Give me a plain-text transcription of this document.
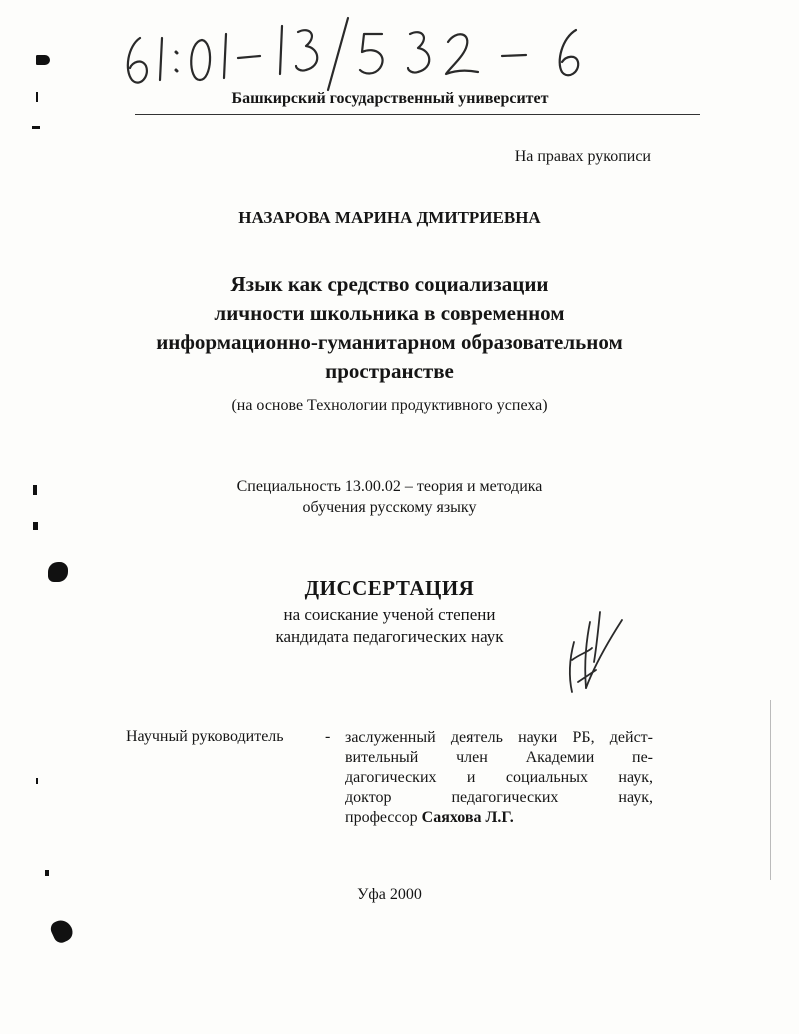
Башкирский государственный университет
На правах рукописи
НАЗАРОВА МАРИНА ДМИТРИЕВНА
Язык как средство социализации
личности школьника в современном
информационно-гуманитарном образовательном
пространстве
(на основе Технологии продуктивного успеха)
Специальность 13.00.02 – теория и методика
обучения русскому языку
ДИССЕРТАЦИЯ
на соискание ученой степени
кандидата педагогических наук
Научный руководитель	- заслуженный деятель науки РБ, дейст-
вительный член Академии пе-
дагогических и социальных наук,
доктор педагогических наук,
профессор Саяхова Л.Г.
Уфа 2000
